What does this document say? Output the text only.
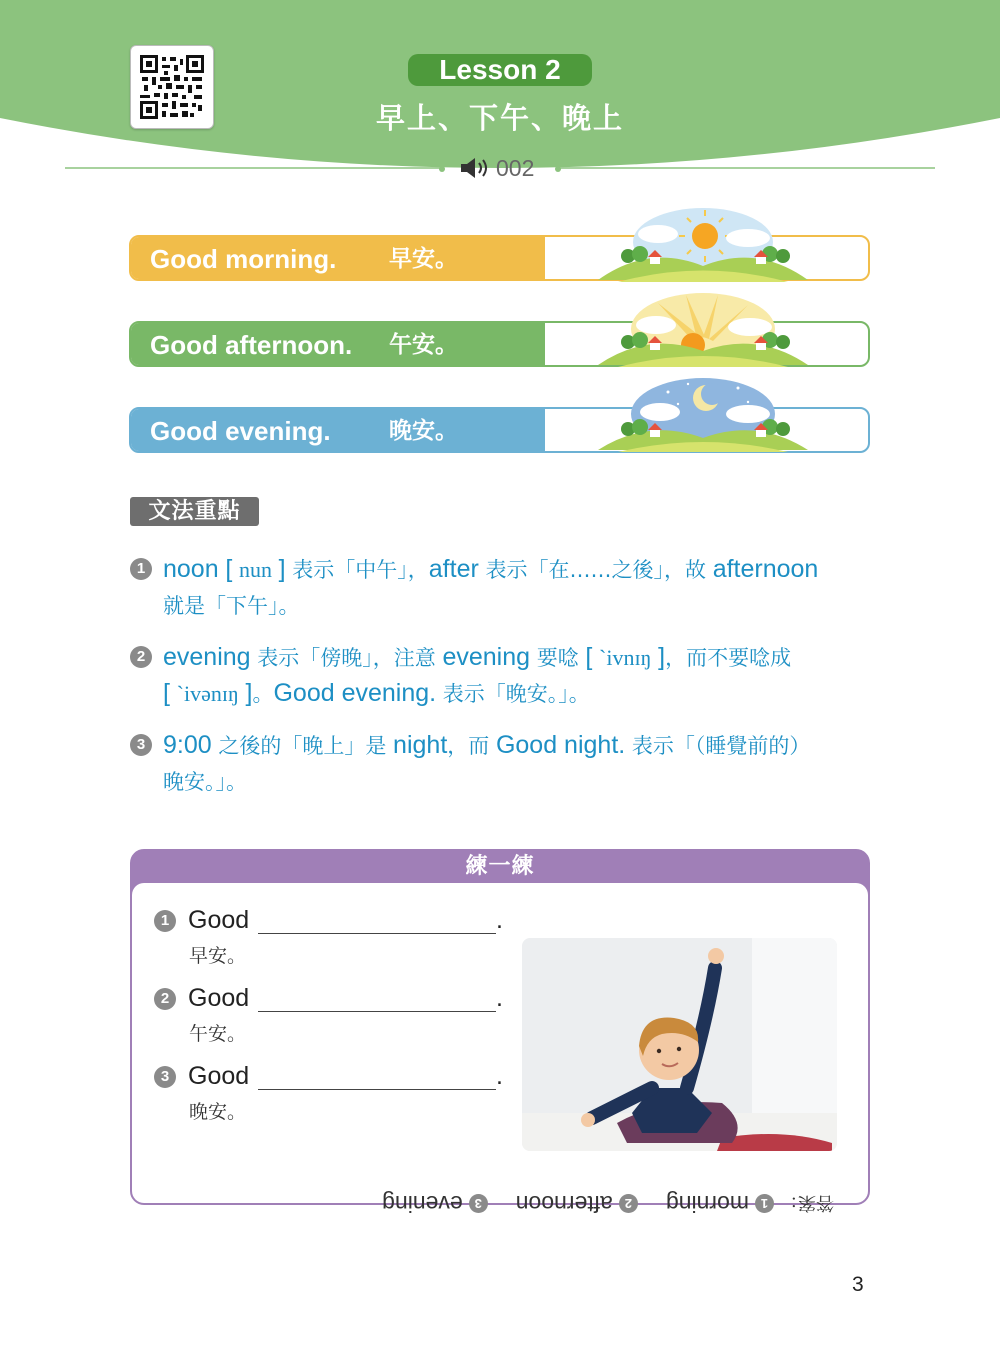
Lesson 2
早上、下午、晚上
002
Good morning. 早安。
Good afternoon. 午安。
Good evening.	晚安。
文法重點
1 noon [ nun ] 表示「中午」，after 表示「在……之後」，故 afternoon
就是「下午」。
2 evening 表示「傍晚」，注意 evening 要唸 [ ˋivnɪŋ ]，而不要唸成
[ ˋivənɪŋ ]。Good evening. 表示「晚安。」。
3 9:00 之後的「晚上」是 night，而 Good night. 表示「（睡覺前的）
晚安。」。
練一練
1 Good	.
早安。
2 Good	.
午安。
3 Good	.
晚安。
答案：
1
morning
2
afternoon
3
evening
3
